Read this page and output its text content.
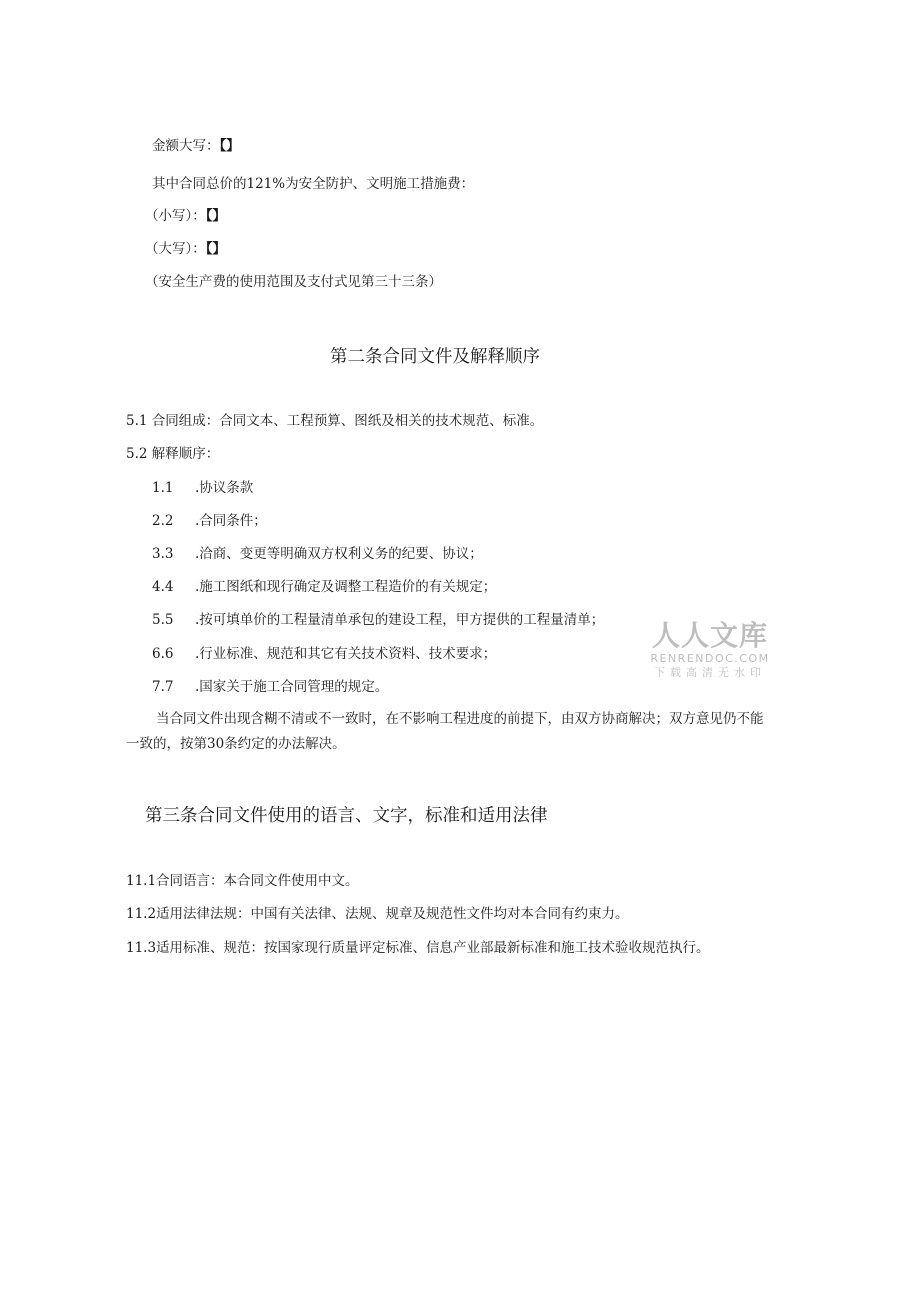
金额大写：【】
其中合同总价的121%为安全防护、文明施工措施费：
（小写）：【】
（大写）：【】
（安全生产费的使用范围及支付式见第三十三条）
第二条合同文件及解释顺序
5.1 合同组成：合同文本、工程预算、图纸及相关的技术规范、标准。
5.2 解释顺序：
1.1 .协议条款
2.2 .合同条件；
3.3 .洽商、变更等明确双方权利义务的纪要、协议；
4.4 .施工图纸和现行确定及调整工程造价的有关规定；
5.5 .按可填单价的工程量清单承包的建设工程，甲方提供的工程量清单；
6.6 .行业标准、规范和其它有关技术资料、技术要求；
7.7 .国家关于施工合同管理的规定。
当合同文件出现含糊不清或不一致时，在不影响工程进度的前提下，由双方协商解决；双方意见仍不能一致的，按第30条约定的办法解决。
第三条合同文件使用的语言、文字，标准和适用法律
11.1合同语言：本合同文件使用中文。
11.2适用法律法规：中国有关法律、法规、规章及规范性文件均对本合同有约束力。
11.3适用标准、规范：按国家现行质量评定标准、信息产业部最新标准和施工技术验收规范执行。
人人文库
RENRENDOC.COM
下载高清无水印
